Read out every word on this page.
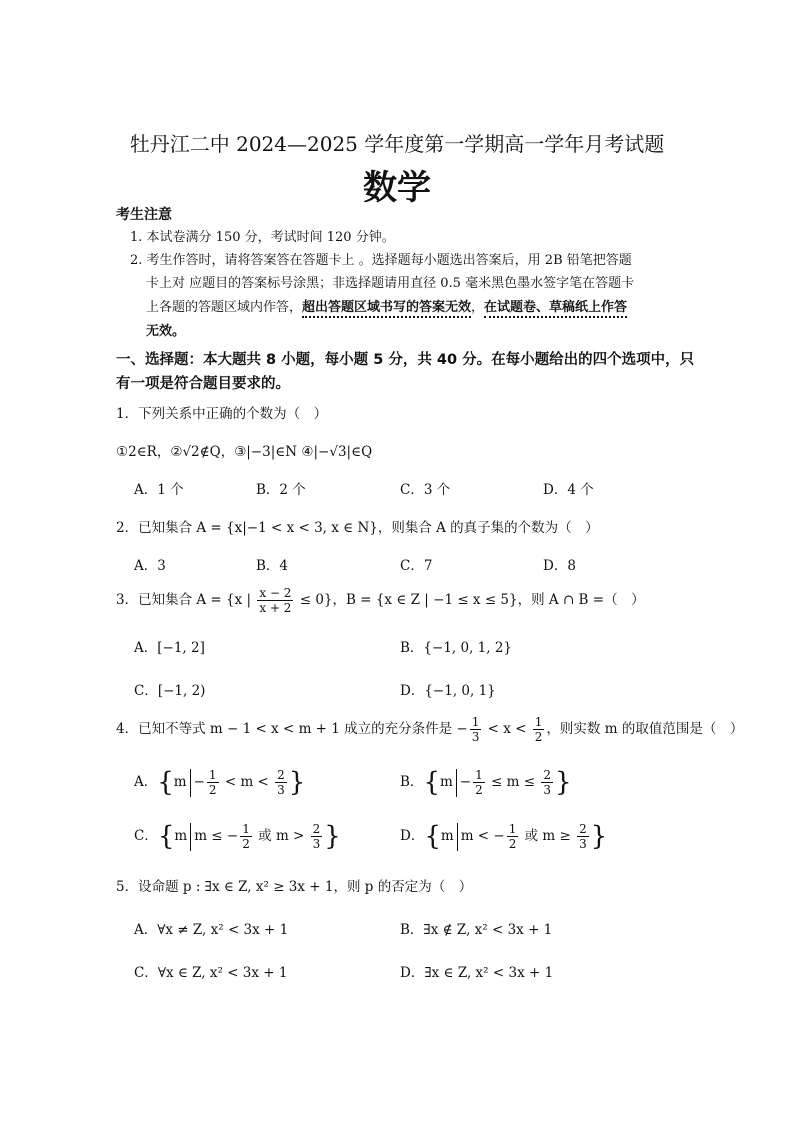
牡丹江二中 2024—2025 学年度第一学期高一学年月考试题
数学
考生注意
1. 本试卷满分 150 分，考试时间 120 分钟。
2. 考生作答时，请将答案答在答题卡上 。选择题每小题选出答案后，用 2B 铅笔把答题
卡上对 应题目的答案标号涂黑；非选择题请用直径 0.5 毫米黑色墨水签字笔在答题卡
上各题的答题区域内作答，超出答题区域书写的答案无效，在试题卷、草稿纸上作答
无效。
一、选择题：本大题共 8 小题，每小题 5 分，共 40 分。在每小题给出的四个选项中，只
有一项是符合题目要求的。
1．下列关系中正确的个数为（　）
①2∈R，②√2∉Q，③|−3|∈N ④|−√3|∈Q
A．1 个	B．2 个	C．3 个	D．4 个
2．已知集合 A = {x|−1 < x < 3, x ∈ N}，则集合 A 的真子集的个数为（　）
A．3	B．4	C．7	D．8
3．已知集合 A = {x | $\frac{x - 2}{x + 2} \le 0$}，B = {x ∈ Z | −1 ≤ x ≤ 5}，则 A ∩ B =（　）
A．[−1, 2]	B．{−1, 0, 1, 2}
C．[−1, 2)	D．{−1, 0, 1}
4．已知不等式 m − 1 < x < m + 1 成立的充分条件是 − $\frac{1}{3} < x < \frac{1}{2}$ ，则实数 m 的取值范围是（　）
A．{$m - \frac{1}{2} < m < \frac{2}{3}$ }	B．{$m - \frac{1}{2} \le m \le \frac{2}{3}$ }
C．{m m ≤ − $\frac{1}{2}$ 或 $m > \frac{2}{3}$ }	D．{m m < − $\frac{1}{2}$ 或 $m \ge \frac{2}{3}$ }
5．设命题 p : ∃x ∈ Z, x² ≥ 3x + 1，则 p 的否定为（　）
A．∀x ≠ Z, x² < 3x + 1	B．∃x ∉ Z, x² < 3x + 1
C．∀x ∈ Z, x² < 3x + 1	D．∃x ∈ Z, x² < 3x + 1
